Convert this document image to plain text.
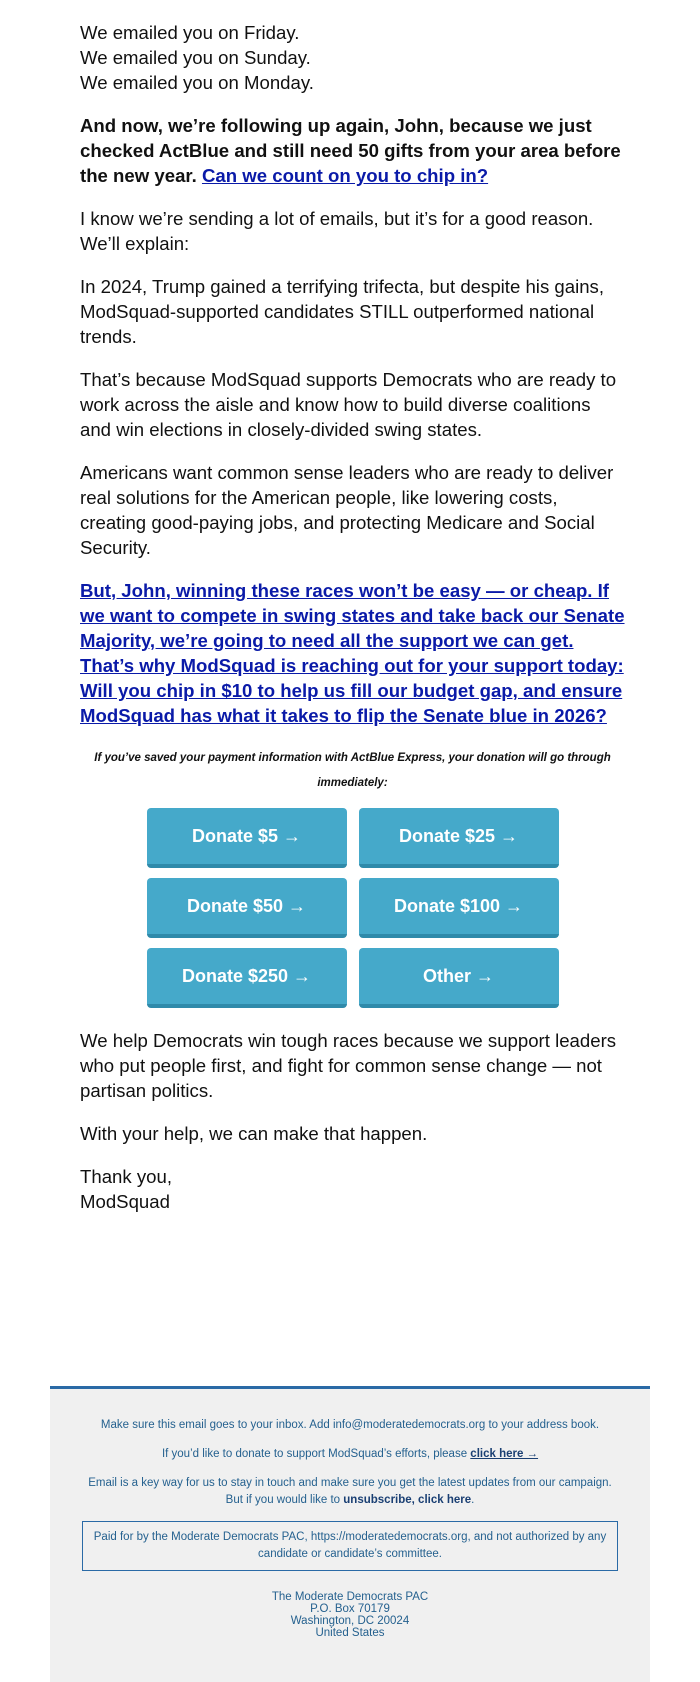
We emailed you on Friday.
We emailed you on Sunday.
We emailed you on Monday.

And now, we’re following up again, John, because we just checked ActBlue and still need 50 gifts from your area before the new year. Can we count on you to chip in?

I know we’re sending a lot of emails, but it’s for a good reason. We’ll explain:

In 2024, Trump gained a terrifying trifecta, but despite his gains, ModSquad-supported candidates STILL outperformed national trends.

That’s because ModSquad supports Democrats who are ready to work across the aisle and know how to build diverse coalitions and win elections in closely-divided swing states.

Americans want common sense leaders who are ready to deliver real solutions for the American people, like lowering costs, creating good-paying jobs, and protecting Medicare and Social Security.

But, John, winning these races won’t be easy — or cheap. If we want to compete in swing states and take back our Senate Majority, we’re going to need all the support we can get. That’s why ModSquad is reaching out for your support today: Will you chip in $10 to help us fill our budget gap, and ensure ModSquad has what it takes to flip the Senate blue in 2026?

If you’ve saved your payment information with ActBlue Express, your donation will go through immediately:
Donate $5 →	Donate $25 →
Donate $50 →	Donate $100 →
Donate $250 →	Other →

We help Democrats win tough races because we support leaders who put people first, and fight for common sense change — not partisan politics.

With your help, we can make that happen.

Thank you,
ModSquad

Make sure this email goes to your inbox. Add info@moderatedemocrats.org to your address book.

If you’d like to donate to support ModSquad’s efforts, please click here →

Email is a key way for us to stay in touch and make sure you get the latest updates from our campaign. But if you would like to unsubscribe, click here.

Paid for by the Moderate Democrats PAC, https://moderatedemocrats.org, and not authorized by any candidate or candidate’s committee.
The Moderate Democrats PAC
P.O. Box 70179
Washington, DC 20024
United States
